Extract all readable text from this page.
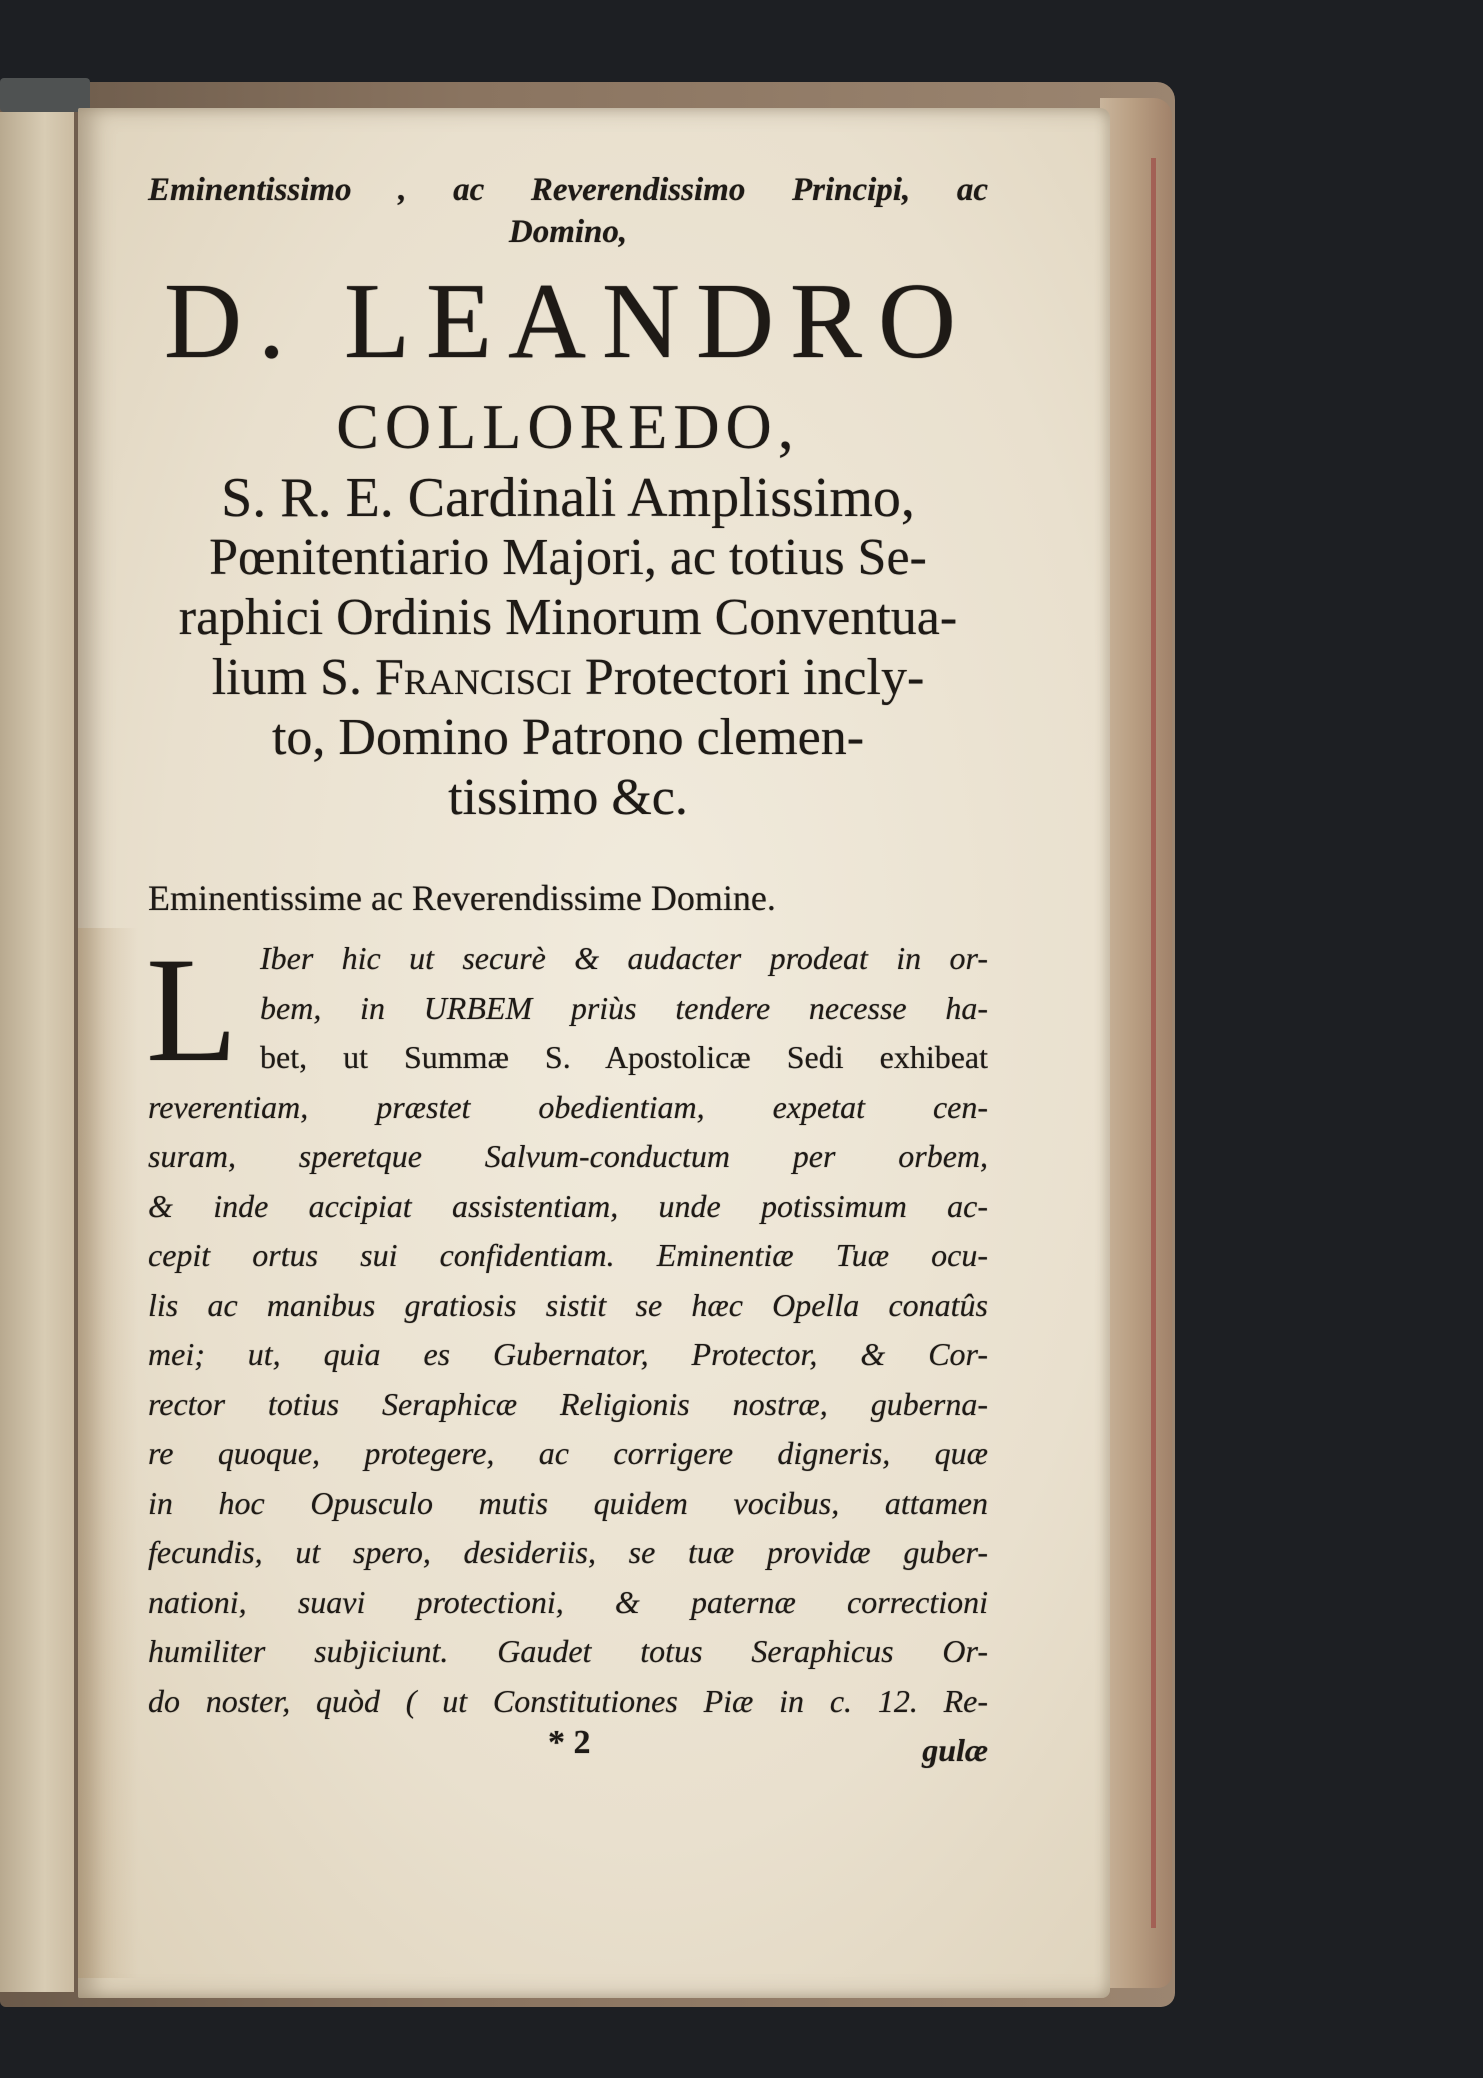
Eminentissimo , ac Reverendissimo Principi, ac
Domino,
D. LEANDRO
COLLOREDO,
S. R. E. Cardinali Amplissimo,
Pœnitentiario Majori, ac totius Se-
raphici Ordinis Minorum Conventua-
lium S. Francisci Protectori incly-
to, Domino Patrono clemen-
tissimo &c.
Eminentissime ac Reverendissime Domine.
L Iber hic ut securè & audacter prodeat in or-
bem, in URBEM priùs tendere necesse ha-
bet, ut Summæ S. Apostolicæ Sedi exhibeat
reverentiam, præstet obedientiam, expetat cen-
suram, speretque Salvum-conductum per orbem,
& inde accipiat assistentiam, unde potissimum ac-
cepit ortus sui confidentiam. Eminentiæ Tuæ ocu-
lis ac manibus gratiosis sistit se hæc Opella conatûs
mei; ut, quia es Gubernator, Protector, & Cor-
rector totius Seraphicæ Religionis nostræ, guberna-
re quoque, protegere, ac corrigere digneris, quæ
in hoc Opusculo mutis quidem vocibus, attamen
fecundis, ut spero, desideriis, se tuæ providæ guber-
nationi, suavi protectioni, & paternæ correctioni
humiliter subjiciunt. Gaudet totus Seraphicus Or-
do noster, quòd ( ut Constitutiones Piæ in c. 12. Re-
* 2	gulæ
